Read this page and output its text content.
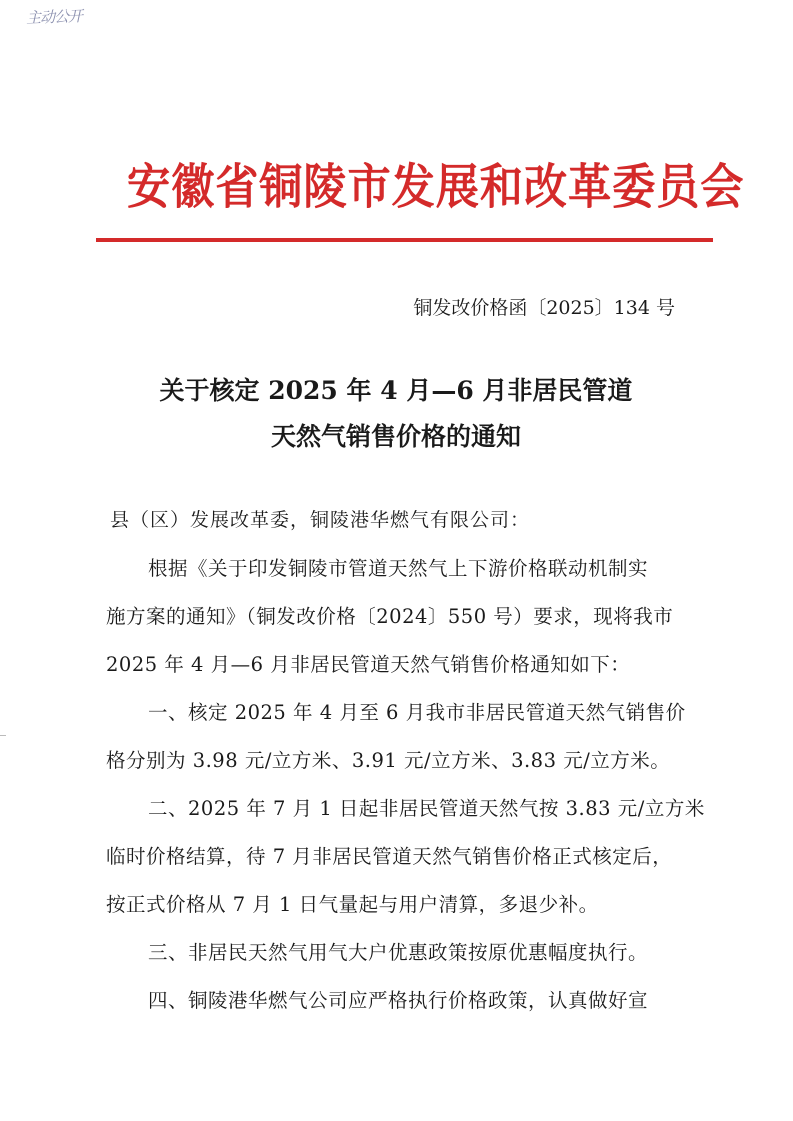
主动公开
安徽省铜陵市发展和改革委员会
铜发改价格函〔2025〕134 号
关于核定 2025 年 4 月—6 月非居民管道
天然气销售价格的通知
县（区）发展改革委，铜陵港华燃气有限公司：
根据《关于印发铜陵市管道天然气上下游价格联动机制实
施方案的通知》（铜发改价格〔2024〕550 号）要求，现将我市
2025 年 4 月—6 月非居民管道天然气销售价格通知如下：
一、核定 2025 年 4 月至 6 月我市非居民管道天然气销售价
格分别为 3.98 元/立方米、3.91 元/立方米、3.83 元/立方米。
二、2025 年 7 月 1 日起非居民管道天然气按 3.83 元/立方米
临时价格结算，待 7 月非居民管道天然气销售价格正式核定后，
按正式价格从 7 月 1 日气量起与用户清算，多退少补。
三、非居民天然气用气大户优惠政策按原优惠幅度执行。
四、铜陵港华燃气公司应严格执行价格政策，认真做好宣
